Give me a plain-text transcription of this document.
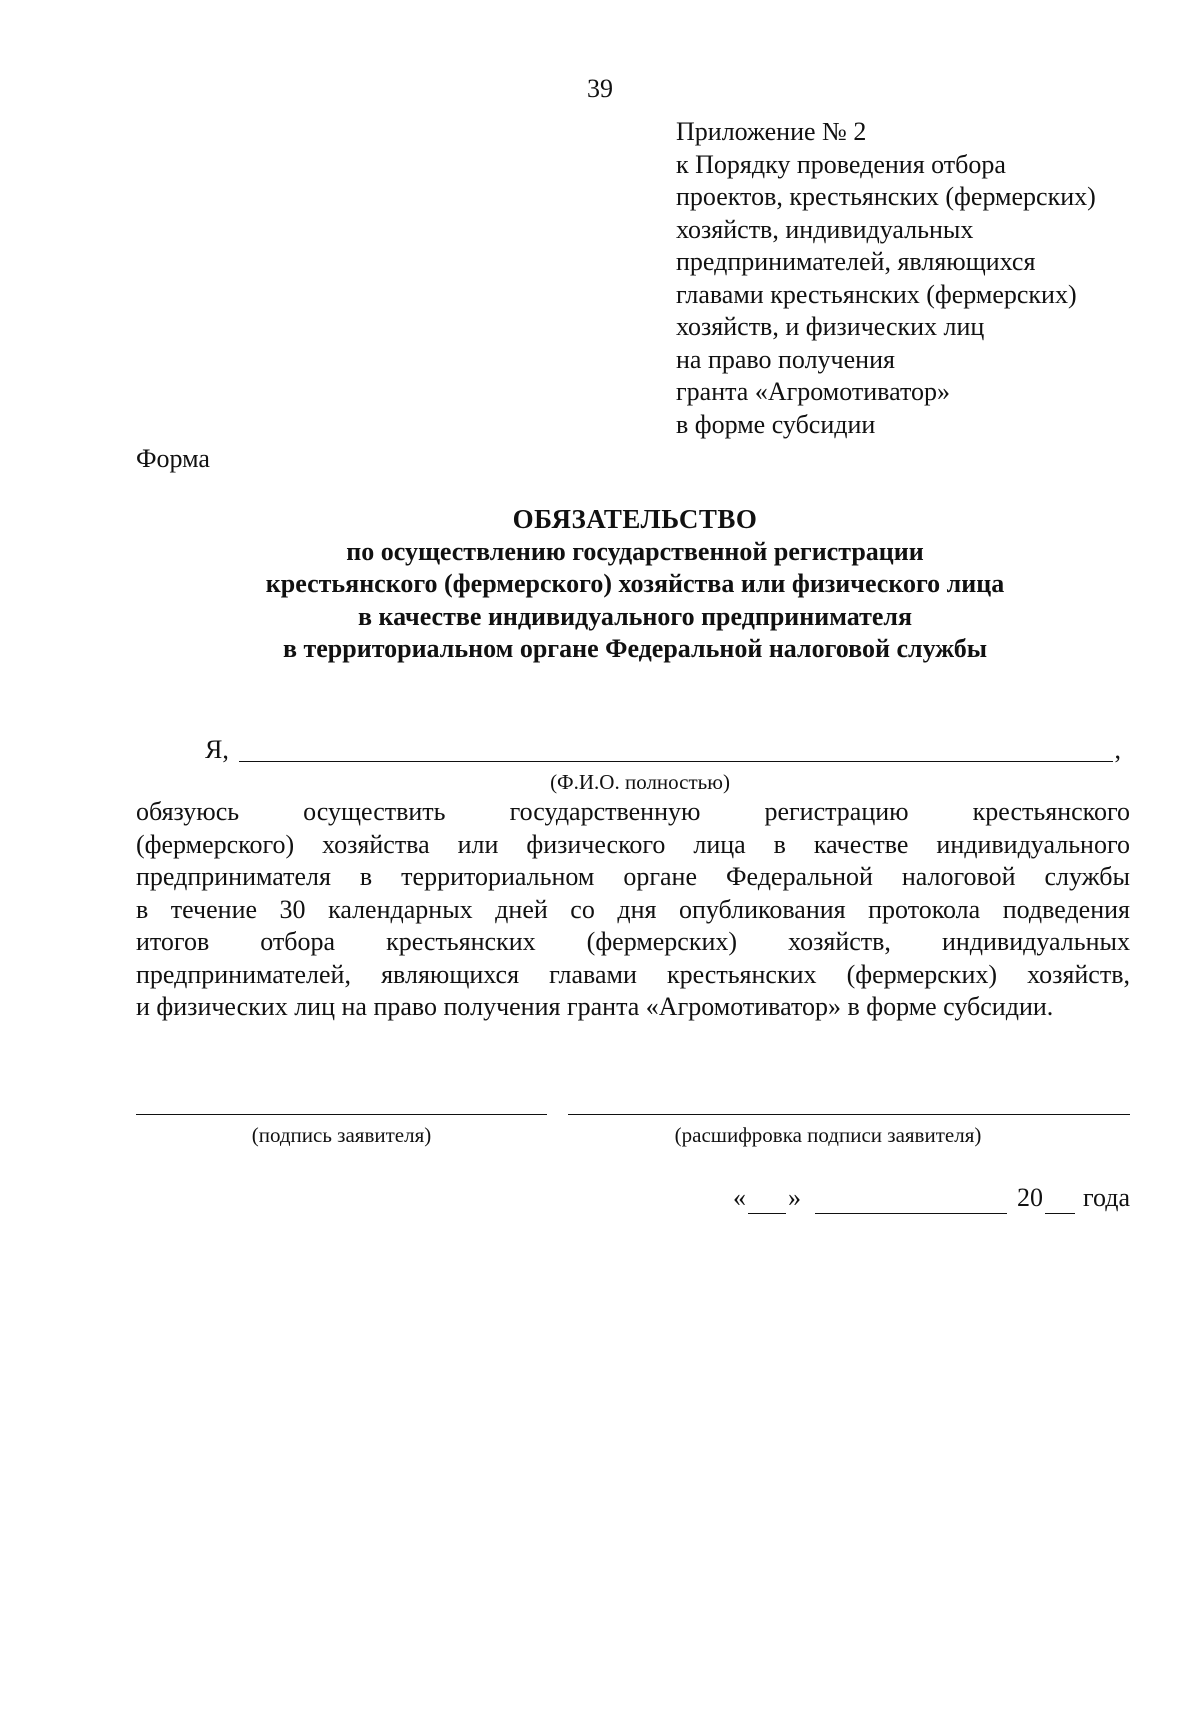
39
Приложение № 2
к Порядку проведения отбора
проектов, крестьянских (фермерских)
хозяйств, индивидуальных
предпринимателей, являющихся
главами крестьянских (фермерских)
хозяйств, и физических лиц
на право получения
гранта «Агромотиватор»
в форме субсидии
Форма
ОБЯЗАТЕЛЬСТВО
по осуществлению государственной регистрации
крестьянского (фермерского) хозяйства или физического лица
в качестве индивидуального предпринимателя
в территориальном органе Федеральной налоговой службы
Я,	,
(Ф.И.О. полностью)
обязуюсь осуществить государственную регистрацию крестьянского
(фермерского) хозяйства или физического лица в качестве индивидуального
предпринимателя в территориальном органе Федеральной налоговой службы
в течение 30 календарных дней со дня опубликования протокола подведения
итогов отбора крестьянских (фермерских) хозяйств, индивидуальных
предпринимателей, являющихся главами крестьянских (фермерских) хозяйств,
и физических лиц на право получения гранта «Агромотиватор» в форме субсидии.
(подпись заявителя)	(расшифровка подписи заявителя)
« »	20 года
